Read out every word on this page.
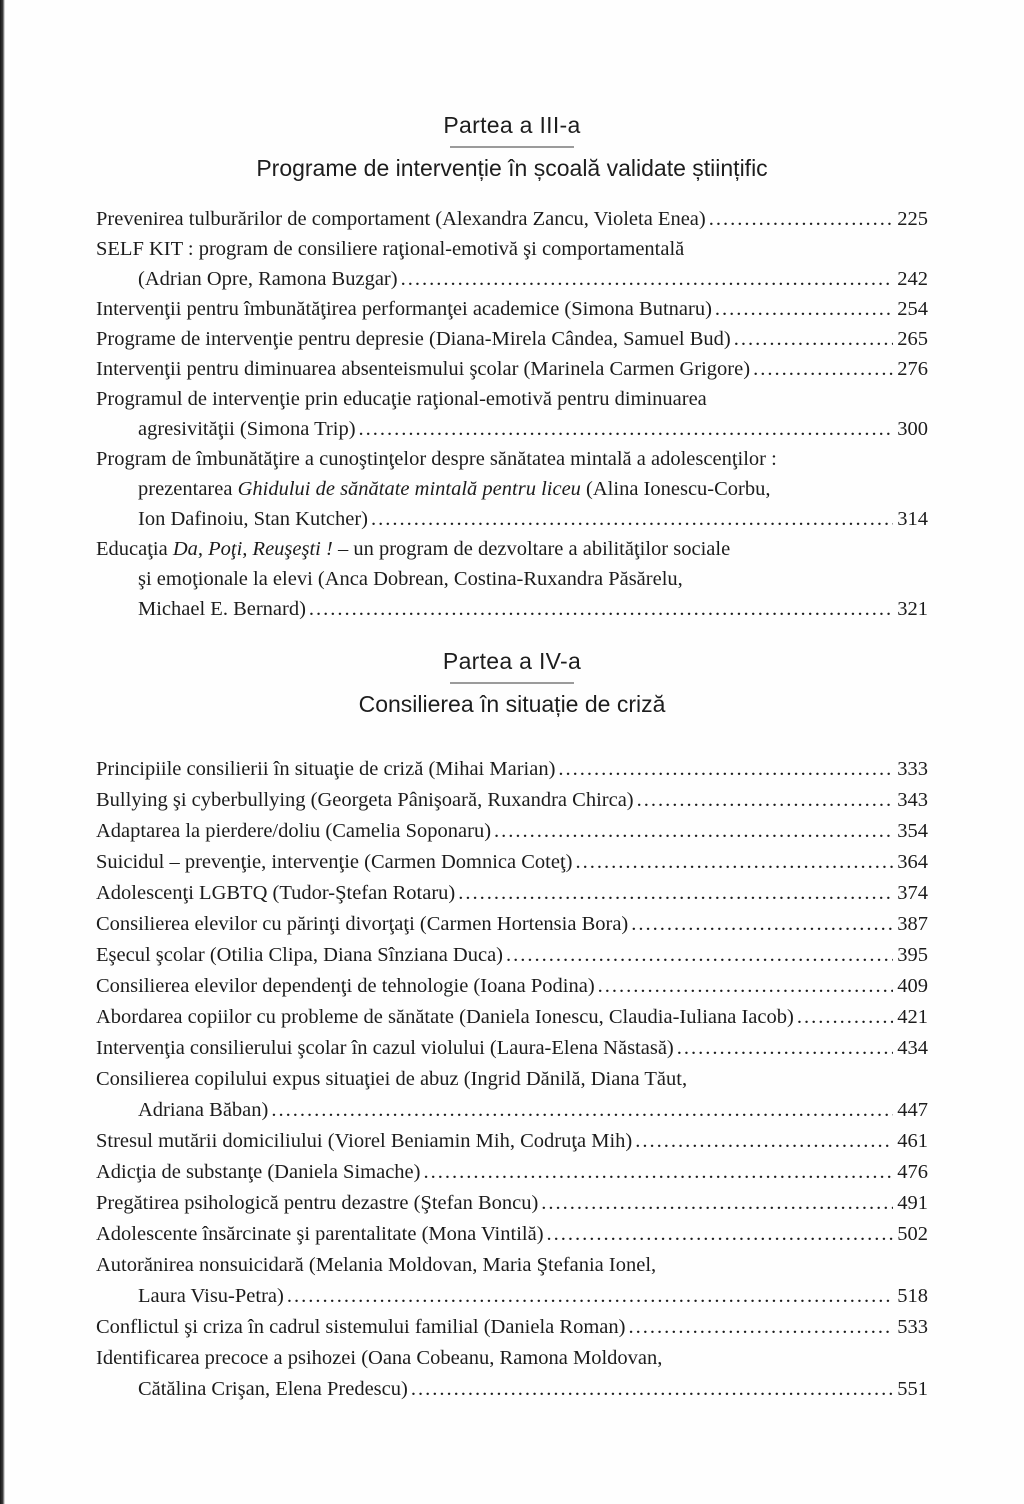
Partea a III-a
Programe de intervenție în școală validate științific
Prevenirea tulburărilor de comportament (Alexandra Zancu, Violeta Enea) .....	225
SELF KIT : program de consiliere raţional-emotivă şi comportamentală
(Adrian Opre, Ramona Buzgar) .....	242
Intervenţii pentru îmbunătăţirea performanţei academice (Simona Butnaru) .....	254
Programe de intervenţie pentru depresie (Diana-Mirela Cândea, Samuel Bud) .....	265
Intervenţii pentru diminuarea absenteismului şcolar (Marinela Carmen Grigore) .....	276
Programul de intervenţie prin educaţie raţional-emotivă pentru diminuarea
agresivităţii (Simona Trip) .....	300
Program de îmbunătăţire a cunoştinţelor despre sănătatea mintală a adolescenţilor :
prezentarea Ghidului de sănătate mintală pentru liceu (Alina Ionescu-Corbu,
Ion Dafinoiu, Stan Kutcher) .....	314
Educaţia Da, Poţi, Reuşeşti ! – un program de dezvoltare a abilităţilor sociale
şi emoţionale la elevi (Anca Dobrean, Costina-Ruxandra Păsărelu,
Michael E. Bernard) .....	321
Partea a IV-a
Consilierea în situație de criză
Principiile consilierii în situaţie de criză (Mihai Marian) .....	333
Bullying şi cyberbullying (Georgeta Pânişoară, Ruxandra Chirca) .....	343
Adaptarea la pierdere/doliu (Camelia Soponaru) .....	354
Suicidul – prevenţie, intervenţie (Carmen Domnica Coteţ) .....	364
Adolescenţi LGBTQ (Tudor-Ştefan Rotaru) .....	374
Consilierea elevilor cu părinţi divorţaţi (Carmen Hortensia Bora) .....	387
Eşecul şcolar (Otilia Clipa, Diana Sînziana Duca) .....	395
Consilierea elevilor dependenţi de tehnologie (Ioana Podina) .....	409
Abordarea copiilor cu probleme de sănătate (Daniela Ionescu, Claudia-Iuliana Iacob) .....	421
Intervenţia consilierului şcolar în cazul violului (Laura-Elena Năstasă) .....	434
Consilierea copilului expus situaţiei de abuz (Ingrid Dănilă, Diana Tăut,
Adriana Băban) .....	447
Stresul mutării domiciliului (Viorel Beniamin Mih, Codruţa Mih) .....	461
Adicţia de substanţe (Daniela Simache) .....	476
Pregătirea psihologică pentru dezastre (Ştefan Boncu) .....	491
Adolescente însărcinate şi parentalitate (Mona Vintilă) .....	502
Autorănirea nonsuicidară (Melania Moldovan, Maria Ştefania Ionel,
Laura Visu-Petra) .....	518
Conflictul şi criza în cadrul sistemului familial (Daniela Roman) .....	533
Identificarea precoce a psihozei (Oana Cobeanu, Ramona Moldovan,
Cătălina Crişan, Elena Predescu) .....	551
